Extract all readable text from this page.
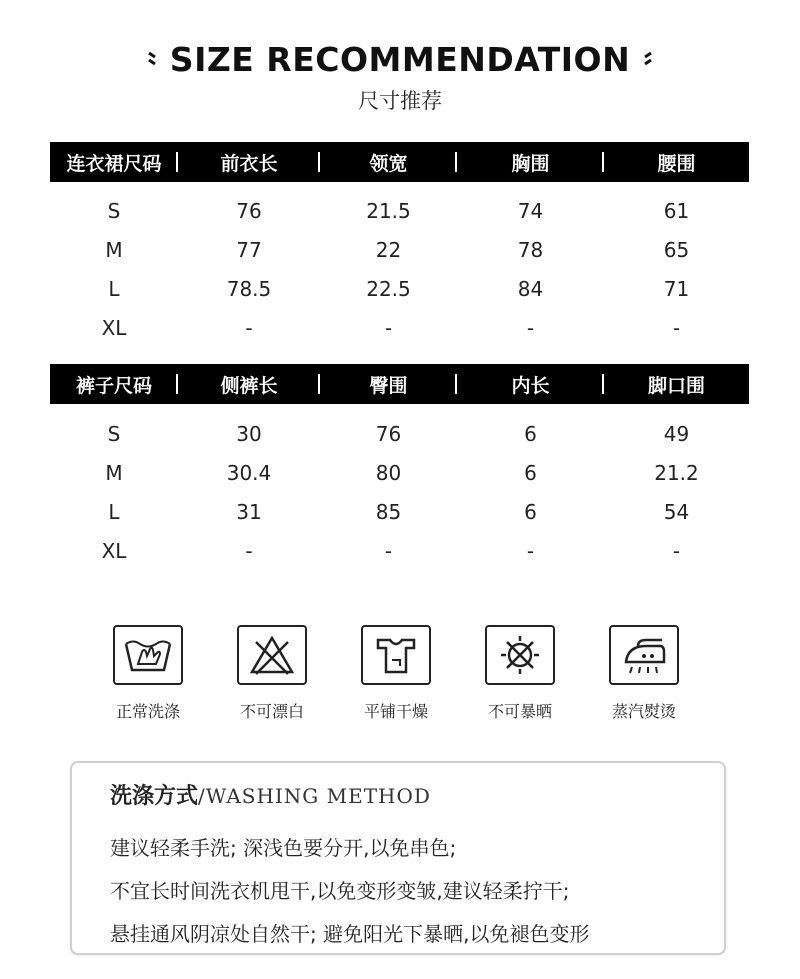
SIZE RECOMMENDATION
尺寸推荐
连衣裙尺码	前衣长	领宽	胸围	腰围
S	76	21.5	74	61
M	77	22	78	65
L	78.5	22.5	84	71
XL	-	-	-	-
裤子尺码	侧裤长	臀围	内长	脚口围
S	30	76	6	49
M	30.4	80	6	21.2
L	31	85	6	54
XL	-	-	-	-
正常洗涤	不可漂白	平铺干燥	不可暴晒	蒸汽熨烫
洗涤方式/WASHING METHOD
建议轻柔手洗; 深浅色要分开,以免串色;
不宜长时间洗衣机甩干,以免变形变皱,建议轻柔拧干;
悬挂通风阴凉处自然干; 避免阳光下暴晒,以免褪色变形
